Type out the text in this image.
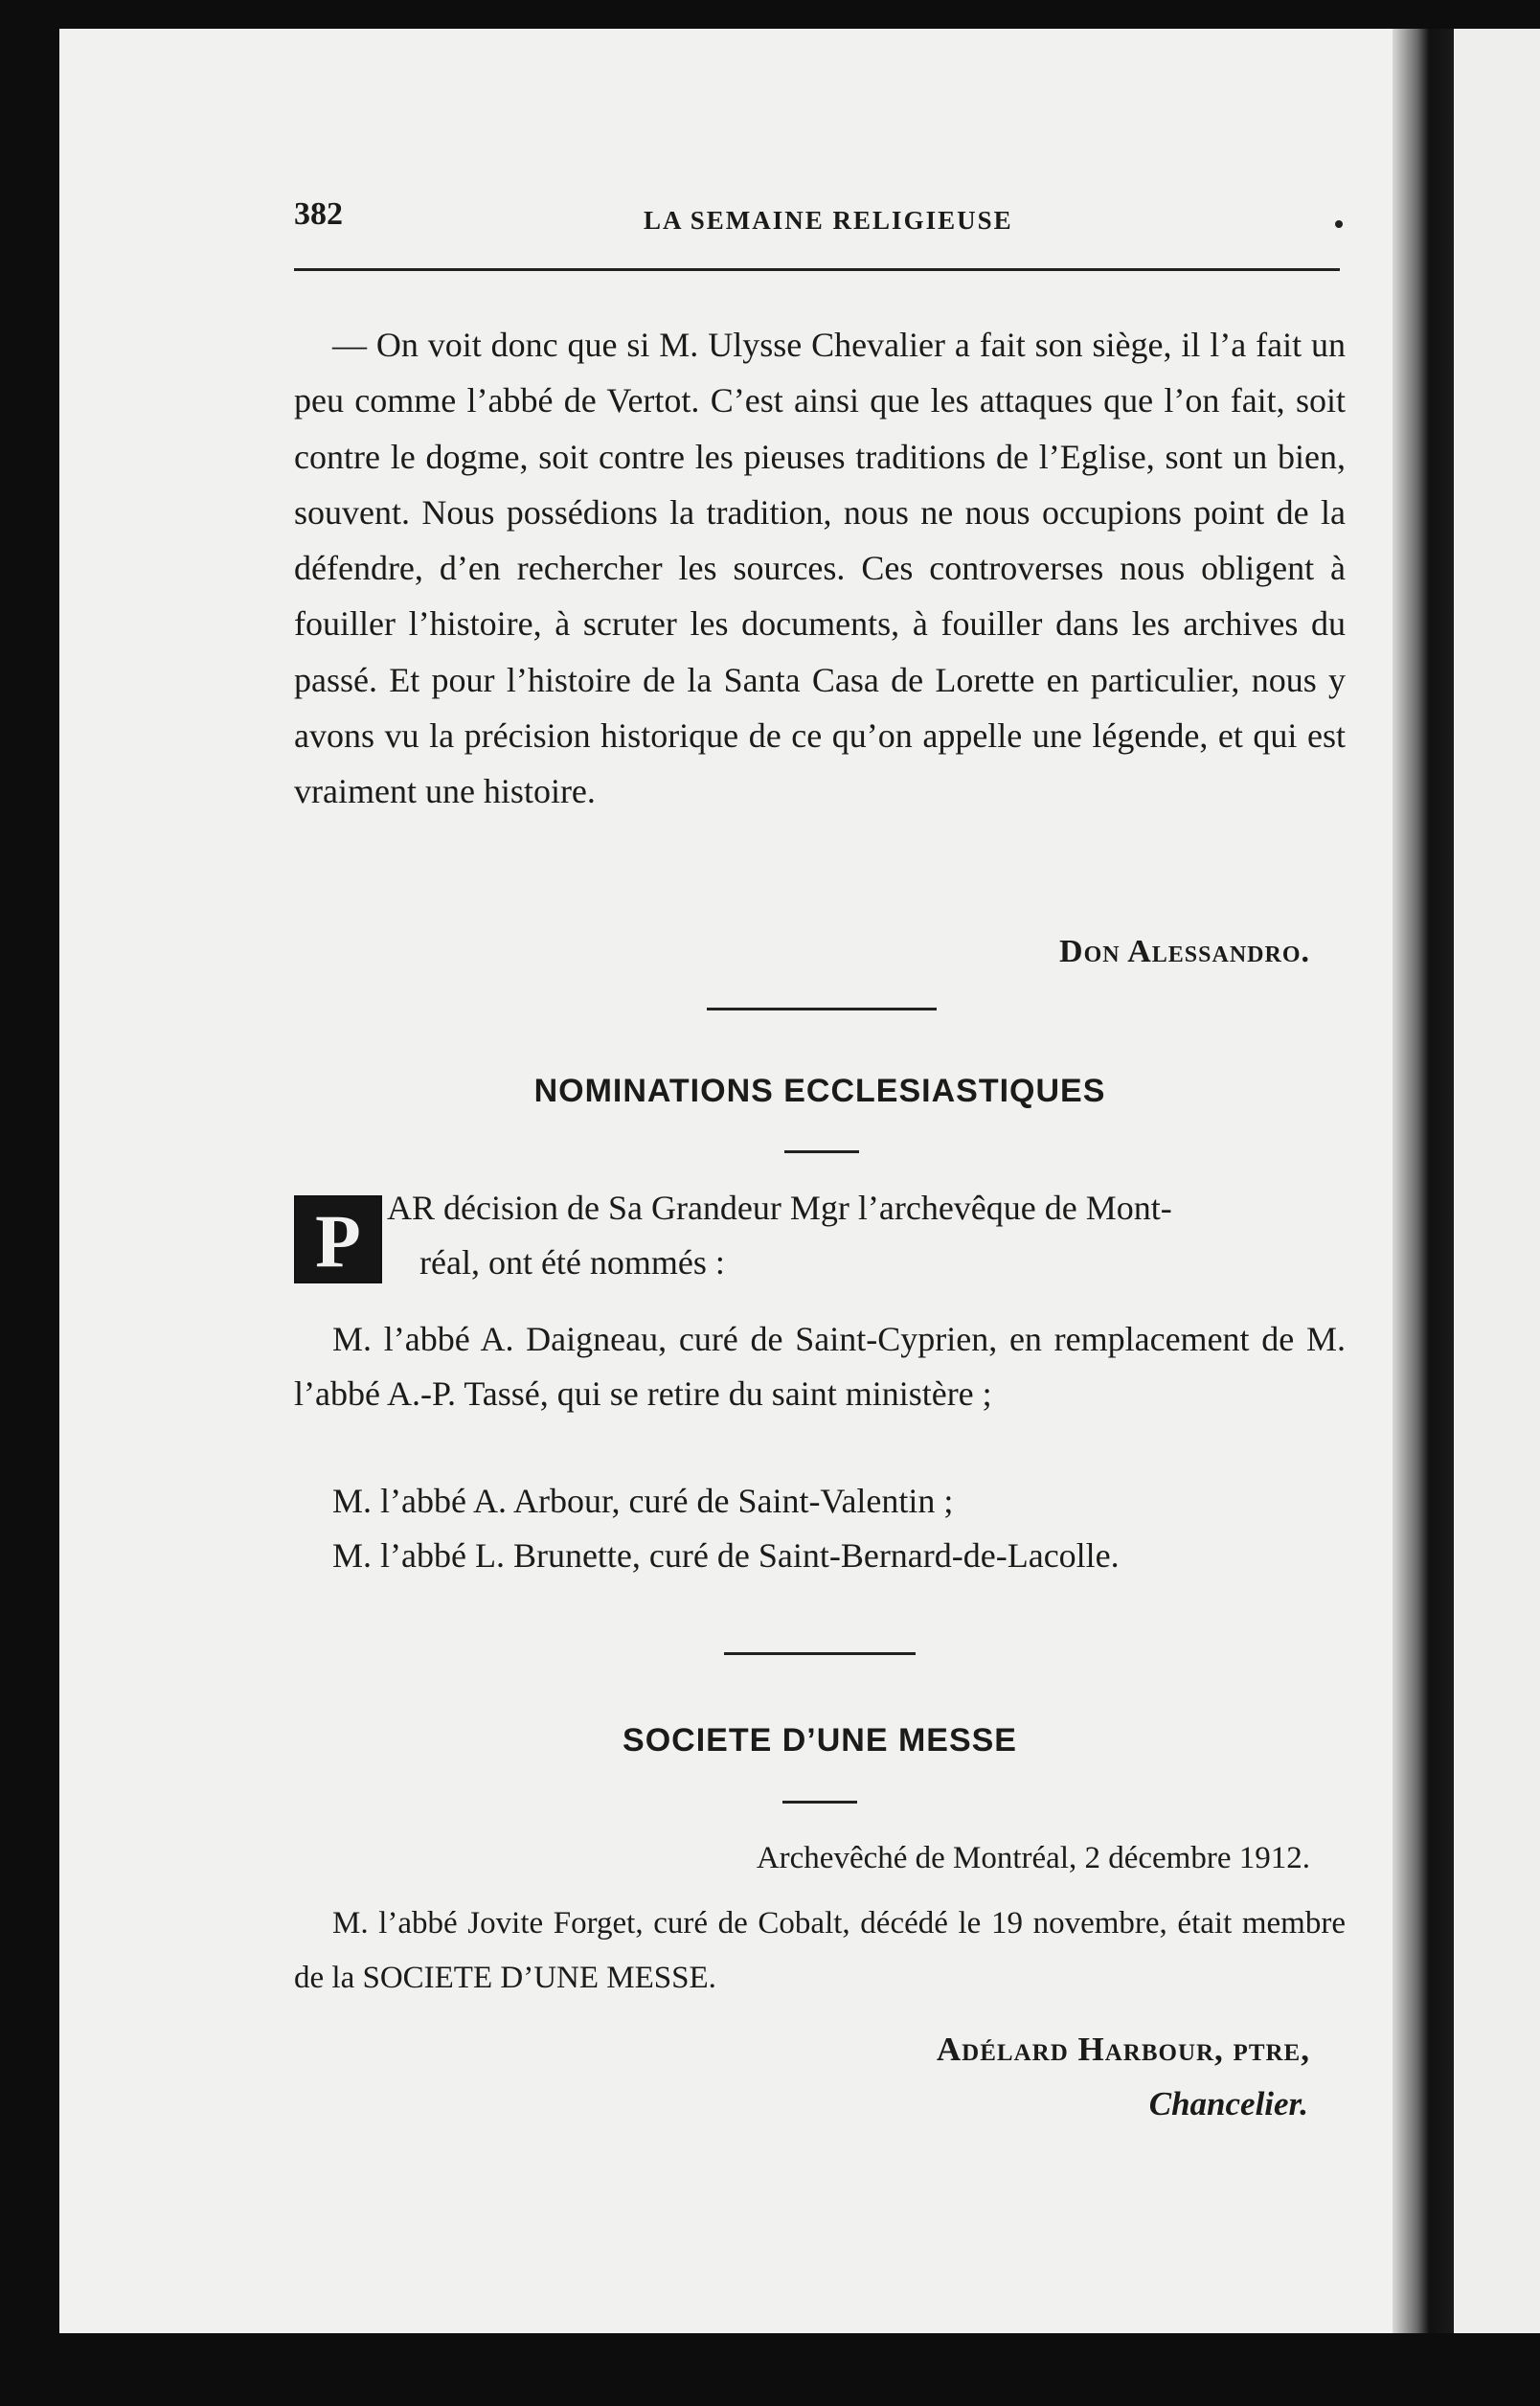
382	LA SEMAINE RELIGIEUSE

— On voit donc que si M. Ulysse Chevalier a fait son siège, il l’a fait un peu comme l’abbé de Vertot. C’est ainsi que les attaques que l’on fait, soit contre le dogme, soit contre les pieuses traditions de l’Eglise, sont un bien, souvent. Nous possédions la tradition, nous ne nous occupions point de la défendre, d’en rechercher les sources. Ces controverses nous obligent à fouiller l’histoire, à scruter les documents, à fouiller dans les archives du passé. Et pour l’histoire de la Santa Casa de Lorette en particulier, nous y avons vu la précision historique de ce qu’on appelle une légende, et qui est vraiment une histoire.

Don Alessandro.
NOMINATIONS ECCLESIASTIQUES
P AR décision de Sa Grandeur Mgr l’archevêque de Mont-
réal, ont été nommés :

M. l’abbé A. Daigneau, curé de Saint-Cyprien, en remplacement de M. l’abbé A.-P. Tassé, qui se retire du saint ministère ;

M. l’abbé A. Arbour, curé de Saint-Valentin ;
M. l’abbé L. Brunette, curé de Saint-Bernard-de-Lacolle.
SOCIETE D’UNE MESSE
Archevêché de Montréal, 2 décembre 1912.

M. l’abbé Jovite Forget, curé de Cobalt, décédé le 19 novembre, était membre de la SOCIETE D’UNE MESSE.

Adélard Harbour, ptre,
Chancelier.
